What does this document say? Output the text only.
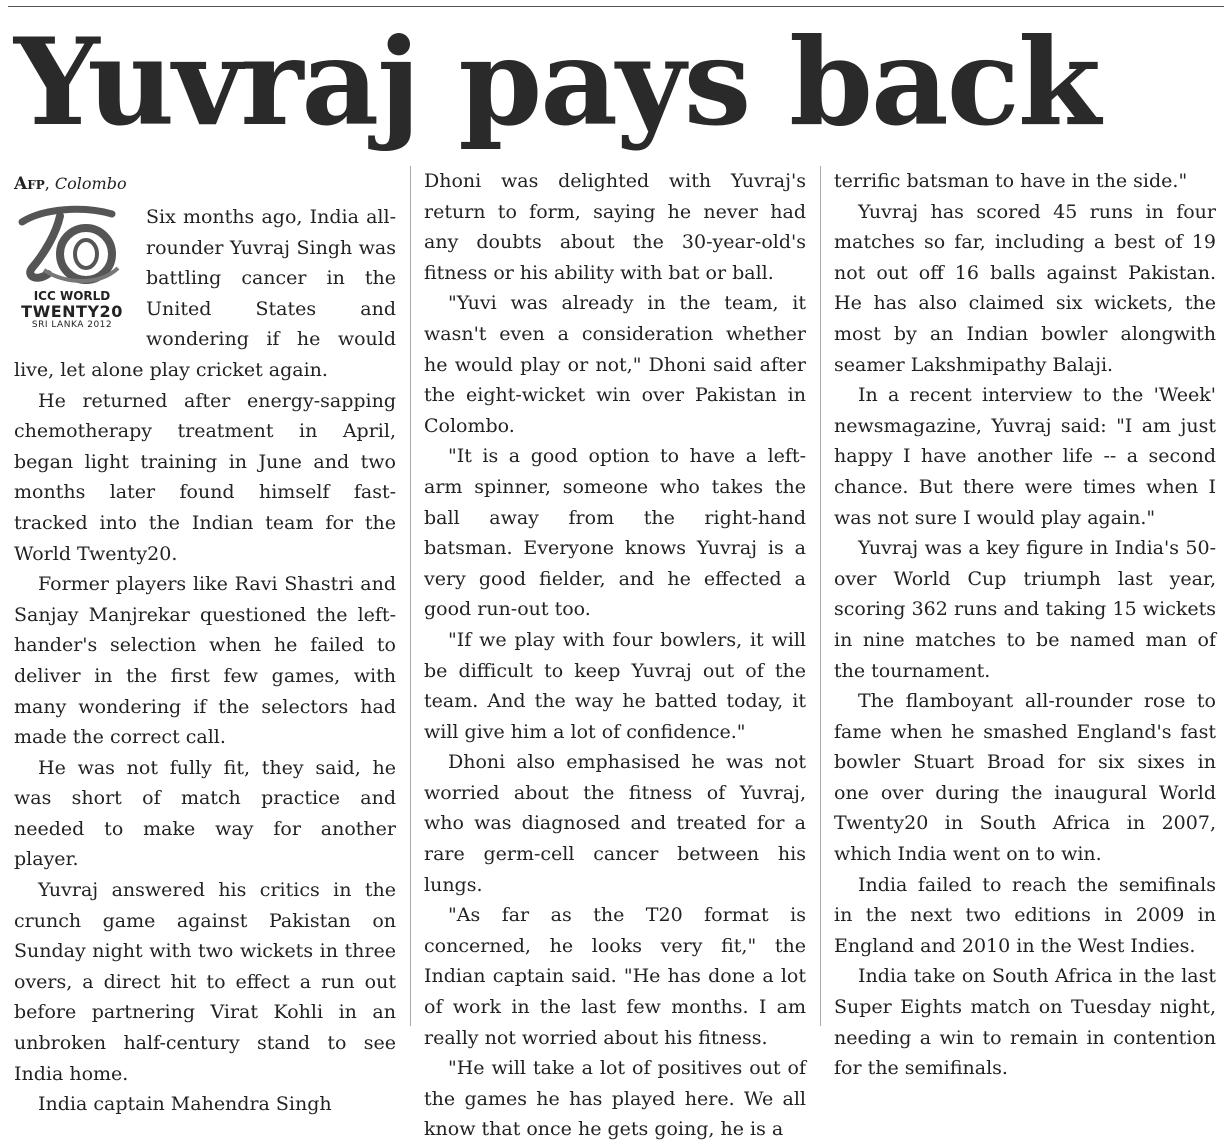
Yuvraj pays back
Afp, Colombo
ICC WORLD
TWENTY20
SRI LANKA 2012

Six months ago, India all-rounder Yuvraj Singh was battling cancer in the United States and wondering if he would live, let alone play cricket again.

He returned after energy-sapping chemotherapy treatment in April, began light training in June and two months later found himself fast-tracked into the Indian team for the World Twenty20.

Former players like Ravi Shastri and Sanjay Manjrekar questioned the left-hander's selection when he failed to deliver in the first few games, with many wondering if the selectors had made the correct call.

He was not fully fit, they said, he was short of match practice and needed to make way for another player.

Yuvraj answered his critics in the crunch game against Pakistan on Sunday night with two wickets in three overs, a direct hit to effect a run out before partnering Virat Kohli in an unbroken half-century stand to see India home.

India captain Mahendra Singh

Dhoni was delighted with Yuvraj's return to form, saying he never had any doubts about the 30-year-old's fitness or his ability with bat or ball.

"Yuvi was already in the team, it wasn't even a consideration whether he would play or not," Dhoni said after the eight-wicket win over Pakistan in Colombo.

"It is a good option to have a left-arm spinner, someone who takes the ball away from the right-hand batsman. Everyone knows Yuvraj is a very good fielder, and he effected a good run-out too.

"If we play with four bowlers, it will be difficult to keep Yuvraj out of the team. And the way he batted today, it will give him a lot of confidence."

Dhoni also emphasised he was not worried about the fitness of Yuvraj, who was diagnosed and treated for a rare germ-cell cancer between his lungs.

"As far as the T20 format is concerned, he looks very fit," the Indian captain said. "He has done a lot of work in the last few months. I am really not worried about his fitness.

"He will take a lot of positives out of the games he has played here. We all know that once he gets going, he is a

terrific batsman to have in the side."

Yuvraj has scored 45 runs in four matches so far, including a best of 19 not out off 16 balls against Pakistan. He has also claimed six wickets, the most by an Indian bowler alongwith seamer Lakshmipathy Balaji.

In a recent interview to the 'Week' newsmagazine, Yuvraj said: "I am just happy I have another life -- a second chance. But there were times when I was not sure I would play again."

Yuvraj was a key figure in India's 50-over World Cup triumph last year, scoring 362 runs and taking 15 wickets in nine matches to be named man of the tournament.

The flamboyant all-rounder rose to fame when he smashed England's fast bowler Stuart Broad for six sixes in one over during the inaugural World Twenty20 in South Africa in 2007, which India went on to win.

India failed to reach the semifinals in the next two editions in 2009 in England and 2010 in the West Indies.

India take on South Africa in the last Super Eights match on Tuesday night, needing a win to remain in contention for the semifinals.
